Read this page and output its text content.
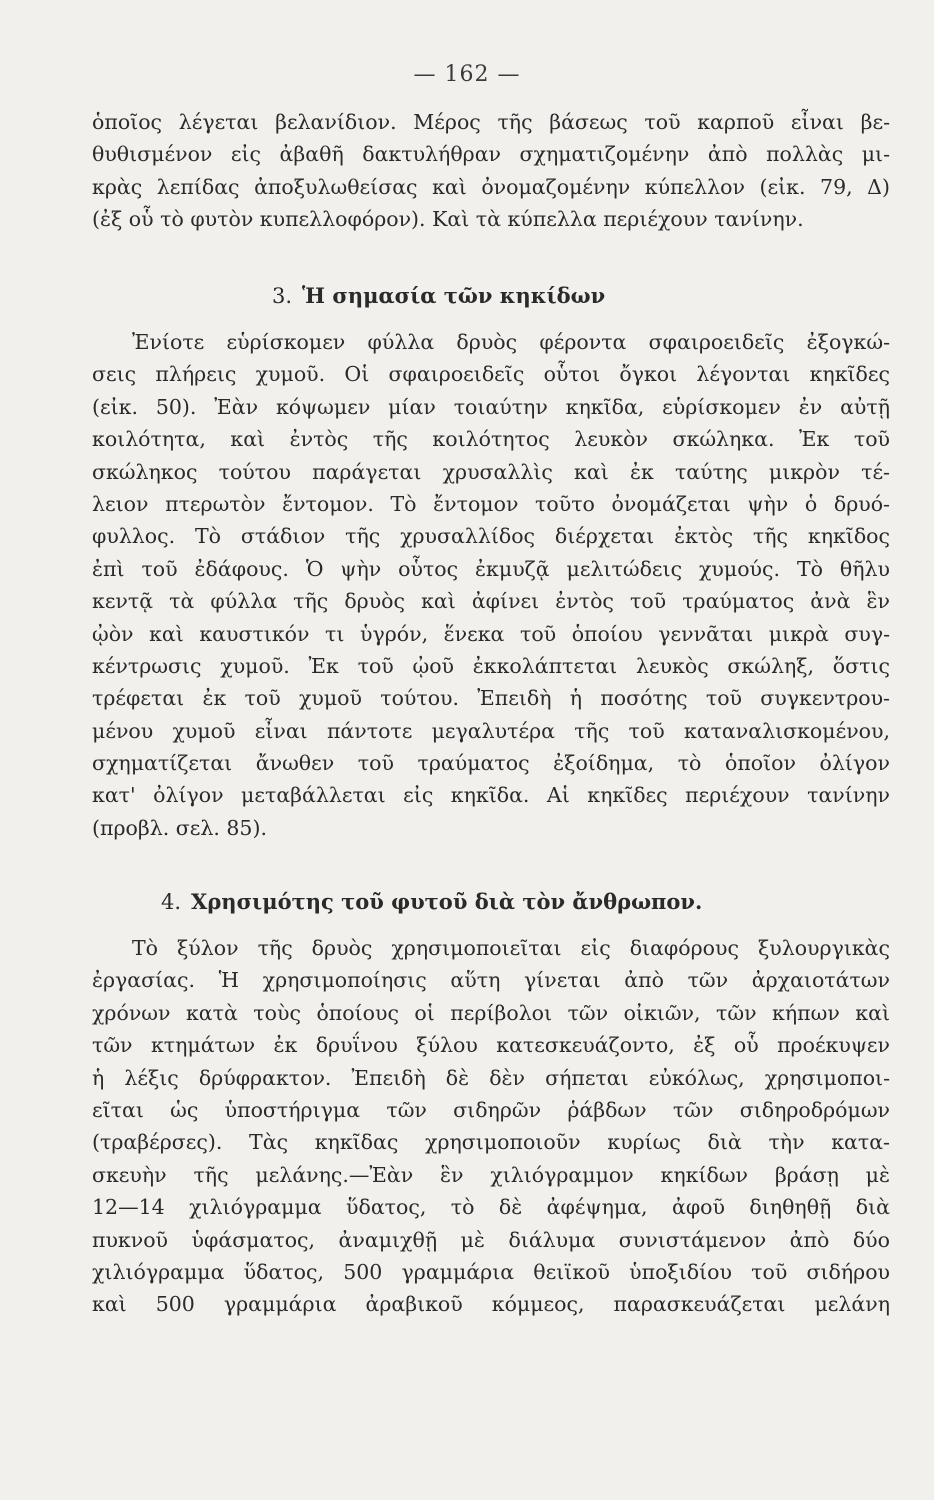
— 162 —
ὁποῖος λέγεται βελανίδιον. Μέρος τῆς βάσεως τοῦ καρποῦ εἶναι βε-
θυθισμένον εἰς ἀβαθῆ δακτυλήθραν σχηματιζομένην ἀπὸ πολλὰς μι-
κρὰς λεπίδας ἀποξυλωθείσας καὶ ὀνομαζομένην κύπελλον (εἰκ. 79, Δ)
(ἐξ οὗ τὸ φυτὸν κυπελλοφόρον). Καὶ τὰ κύπελλα περιέχουν τανίνην.
3. Ἡ σημασία τῶν κηκίδων
Ἐνίοτε εὑρίσκομεν φύλλα δρυὸς φέροντα σφαιροειδεῖς ἐξογκώ-
σεις πλήρεις χυμοῦ. Οἱ σφαιροειδεῖς οὗτοι ὄγκοι λέγονται κηκῖδες
(εἰκ. 50). Ἐὰν κόψωμεν μίαν τοιαύτην κηκῖδα, εὑρίσκομεν ἐν αὐτῇ
κοιλότητα, καὶ ἐντὸς τῆς κοιλότητος λευκὸν σκώληκα. Ἐκ τοῦ
σκώληκος τούτου παράγεται χρυσαλλὶς καὶ ἐκ ταύτης μικρὸν τέ-
λειον πτερωτὸν ἔντομον. Τὸ ἔντομον τοῦτο ὀνομάζεται ψὴν ὁ δρυό-
φυλλος. Τὸ στάδιον τῆς χρυσαλλίδος διέρχεται ἐκτὸς τῆς κηκῖδος
ἐπὶ τοῦ ἐδάφους. Ὁ ψὴν οὗτος ἐκμυζᾷ μελιτώδεις χυμούς. Τὸ θῆλυ
κεντᾷ τὰ φύλλα τῆς δρυὸς καὶ ἀφίνει ἐντὸς τοῦ τραύματος ἀνὰ ἓν
ᾠὸν καὶ καυστικόν τι ὑγρόν, ἕνεκα τοῦ ὁποίου γεννᾶται μικρὰ συγ-
κέντρωσις χυμοῦ. Ἐκ τοῦ ᾠοῦ ἐκκολάπτεται λευκὸς σκώληξ, ὅστις
τρέφεται ἐκ τοῦ χυμοῦ τούτου. Ἐπειδὴ ἡ ποσότης τοῦ συγκεντρου-
μένου χυμοῦ εἶναι πάντοτε μεγαλυτέρα τῆς τοῦ καταναλισκομένου,
σχηματίζεται ἄνωθεν τοῦ τραύματος ἐξοίδημα, τὸ ὁποῖον ὀλίγον
κατ' ὀλίγον μεταβάλλεται εἰς κηκῖδα. Αἱ κηκῖδες περιέχουν τανίνην
(προβλ. σελ. 85).
4. Χρησιμότης τοῦ φυτοῦ διὰ τὸν ἄνθρωπον.
Τὸ ξύλον τῆς δρυὸς χρησιμοποιεῖται εἰς διαφόρους ξυλουργικὰς
ἐργασίας. Ἡ χρησιμοποίησις αὕτη γίνεται ἀπὸ τῶν ἀρχαιοτάτων
χρόνων κατὰ τοὺς ὁποίους οἱ περίβολοι τῶν οἰκιῶν, τῶν κήπων καὶ
τῶν κτημάτων ἐκ δρυΐνου ξύλου κατεσκευάζοντο, ἐξ οὗ προέκυψεν
ἡ λέξις δρύφρακτον. Ἐπειδὴ δὲ δὲν σήπεται εὐκόλως, χρησιμοποι-
εῖται ὡς ὑποστήριγμα τῶν σιδηρῶν ῥάβδων τῶν σιδηροδρόμων
(τραβέρσες). Τὰς κηκῖδας χρησιμοποιοῦν κυρίως διὰ τὴν κατα-
σκευὴν τῆς μελάνης.—Ἐὰν ἓν χιλιόγραμμον κηκίδων βράσῃ μὲ
12—14 χιλιόγραμμα ὕδατος, τὸ δὲ ἀφέψημα, ἀφοῦ διηθηθῇ διὰ
πυκνοῦ ὑφάσματος, ἀναμιχθῇ μὲ διάλυμα συνιστάμενον ἀπὸ δύο
χιλιόγραμμα ὕδατος, 500 γραμμάρια θειϊκοῦ ὑποξιδίου τοῦ σιδήρου
καὶ 500 γραμμάρια ἀραβικοῦ κόμμεος, παρασκευάζεται μελάνη
